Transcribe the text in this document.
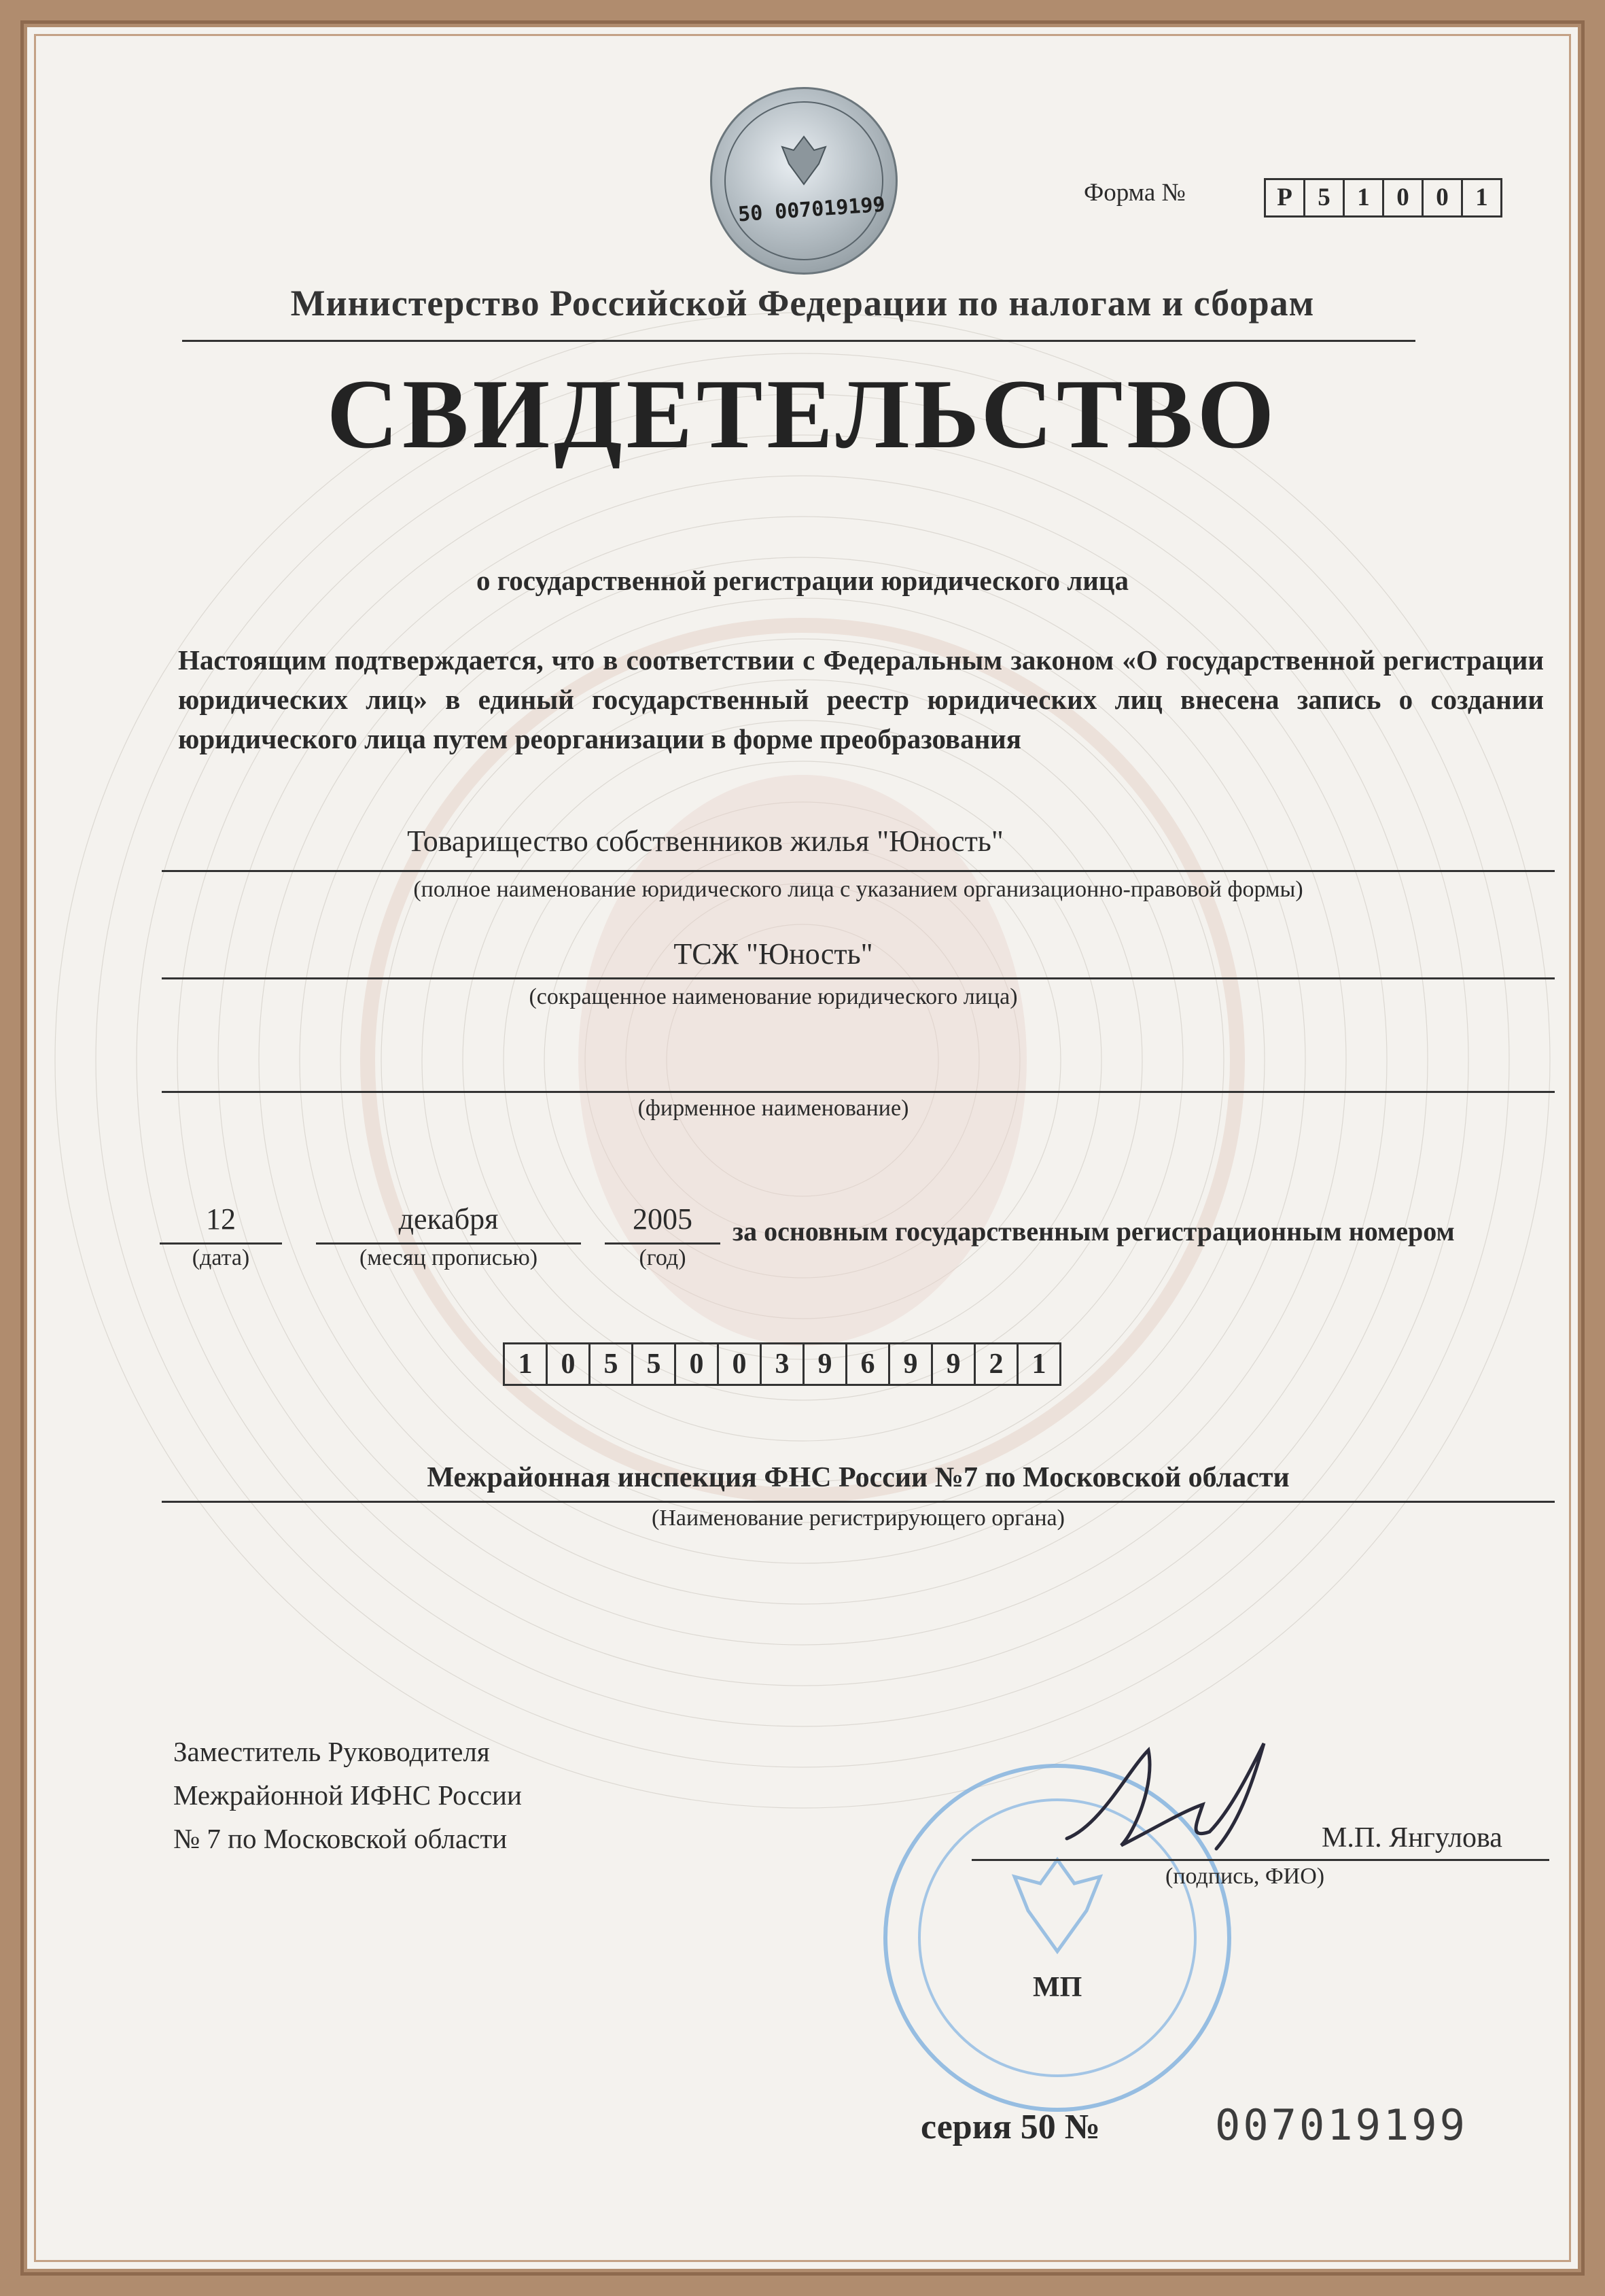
50 007019199	Форма №	Р	5	1	0	0	1
Министерство Российской Федерации по налогам и сборам
СВИДЕТЕЛЬСТВО
о государственной регистрации юридического лица
Настоящим подтверждается, что в соответствии с Федеральным законом «О государственной регистрации юридических лиц» в единый государственный реестр юридических лиц внесена запись о создании юридического лица путем реорганизации в форме преобразования
Товарищество собственников жилья "Юность"
(полное наименование юридического лица с указанием организационно-правовой формы)
ТСЖ "Юность"
(сокращенное наименование юридического лица)
(фирменное наименование)
12
(дата)
декабря
(месяц прописью)
2005
(год)
за основным государственным регистрационным номером
1	0	5	5	0	0	3	9	6	9	9	2	1
Межрайонная инспекция ФНС России №7 по Московской области
(Наименование регистрирующего органа)
Заместитель Руководителя
Межрайонной ИФНС России
№ 7 по Московской области	М.П. Янгулова
(подпись, ФИО)
МП
серия 50 №	007019199
